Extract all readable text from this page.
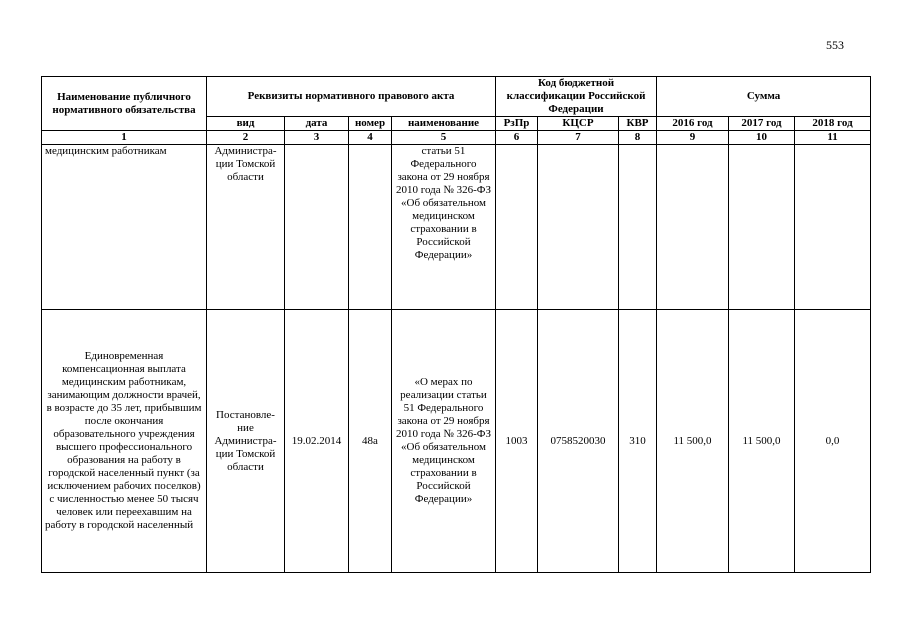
553
Наименование публичного нормативного обязательства	Реквизиты нормативного правового акта				Код бюджетной классификации Российской Федерации			Сумма		
	вид	дата	номер	наименование	РзПр	КЦСР	КВР	2016 год	2017 год	2018 год
1	2	3	4	5	6	7	8	9	10	11
медицинским работникам	Администра-ции Томской области			статьи 51 Федерального закона от 29 ноября 2010 года № 326-ФЗ «Об обязательном медицинском страховании в Российской Федерации»						
Единовременная компенсационная выплата медицинским работникам, занимающим должности врачей, в возрасте до 35 лет, прибывшим после окончания образовательного учреждения высшего профессионального образования на работу в городской населенный пункт (за исключением рабочих поселков) с численностью менее 50 тысяч человек или переехавшим на работу в городской населенный	Постановле-ние Администра-ции Томской области	19.02.2014	48а	«О мерах по реализации статьи 51 Федерального закона от 29 ноября 2010 года № 326-ФЗ «Об обязательном медицинском страховании в Российской Федерации»	1003	0758520030	310	11 500,0	11 500,0	0,0
